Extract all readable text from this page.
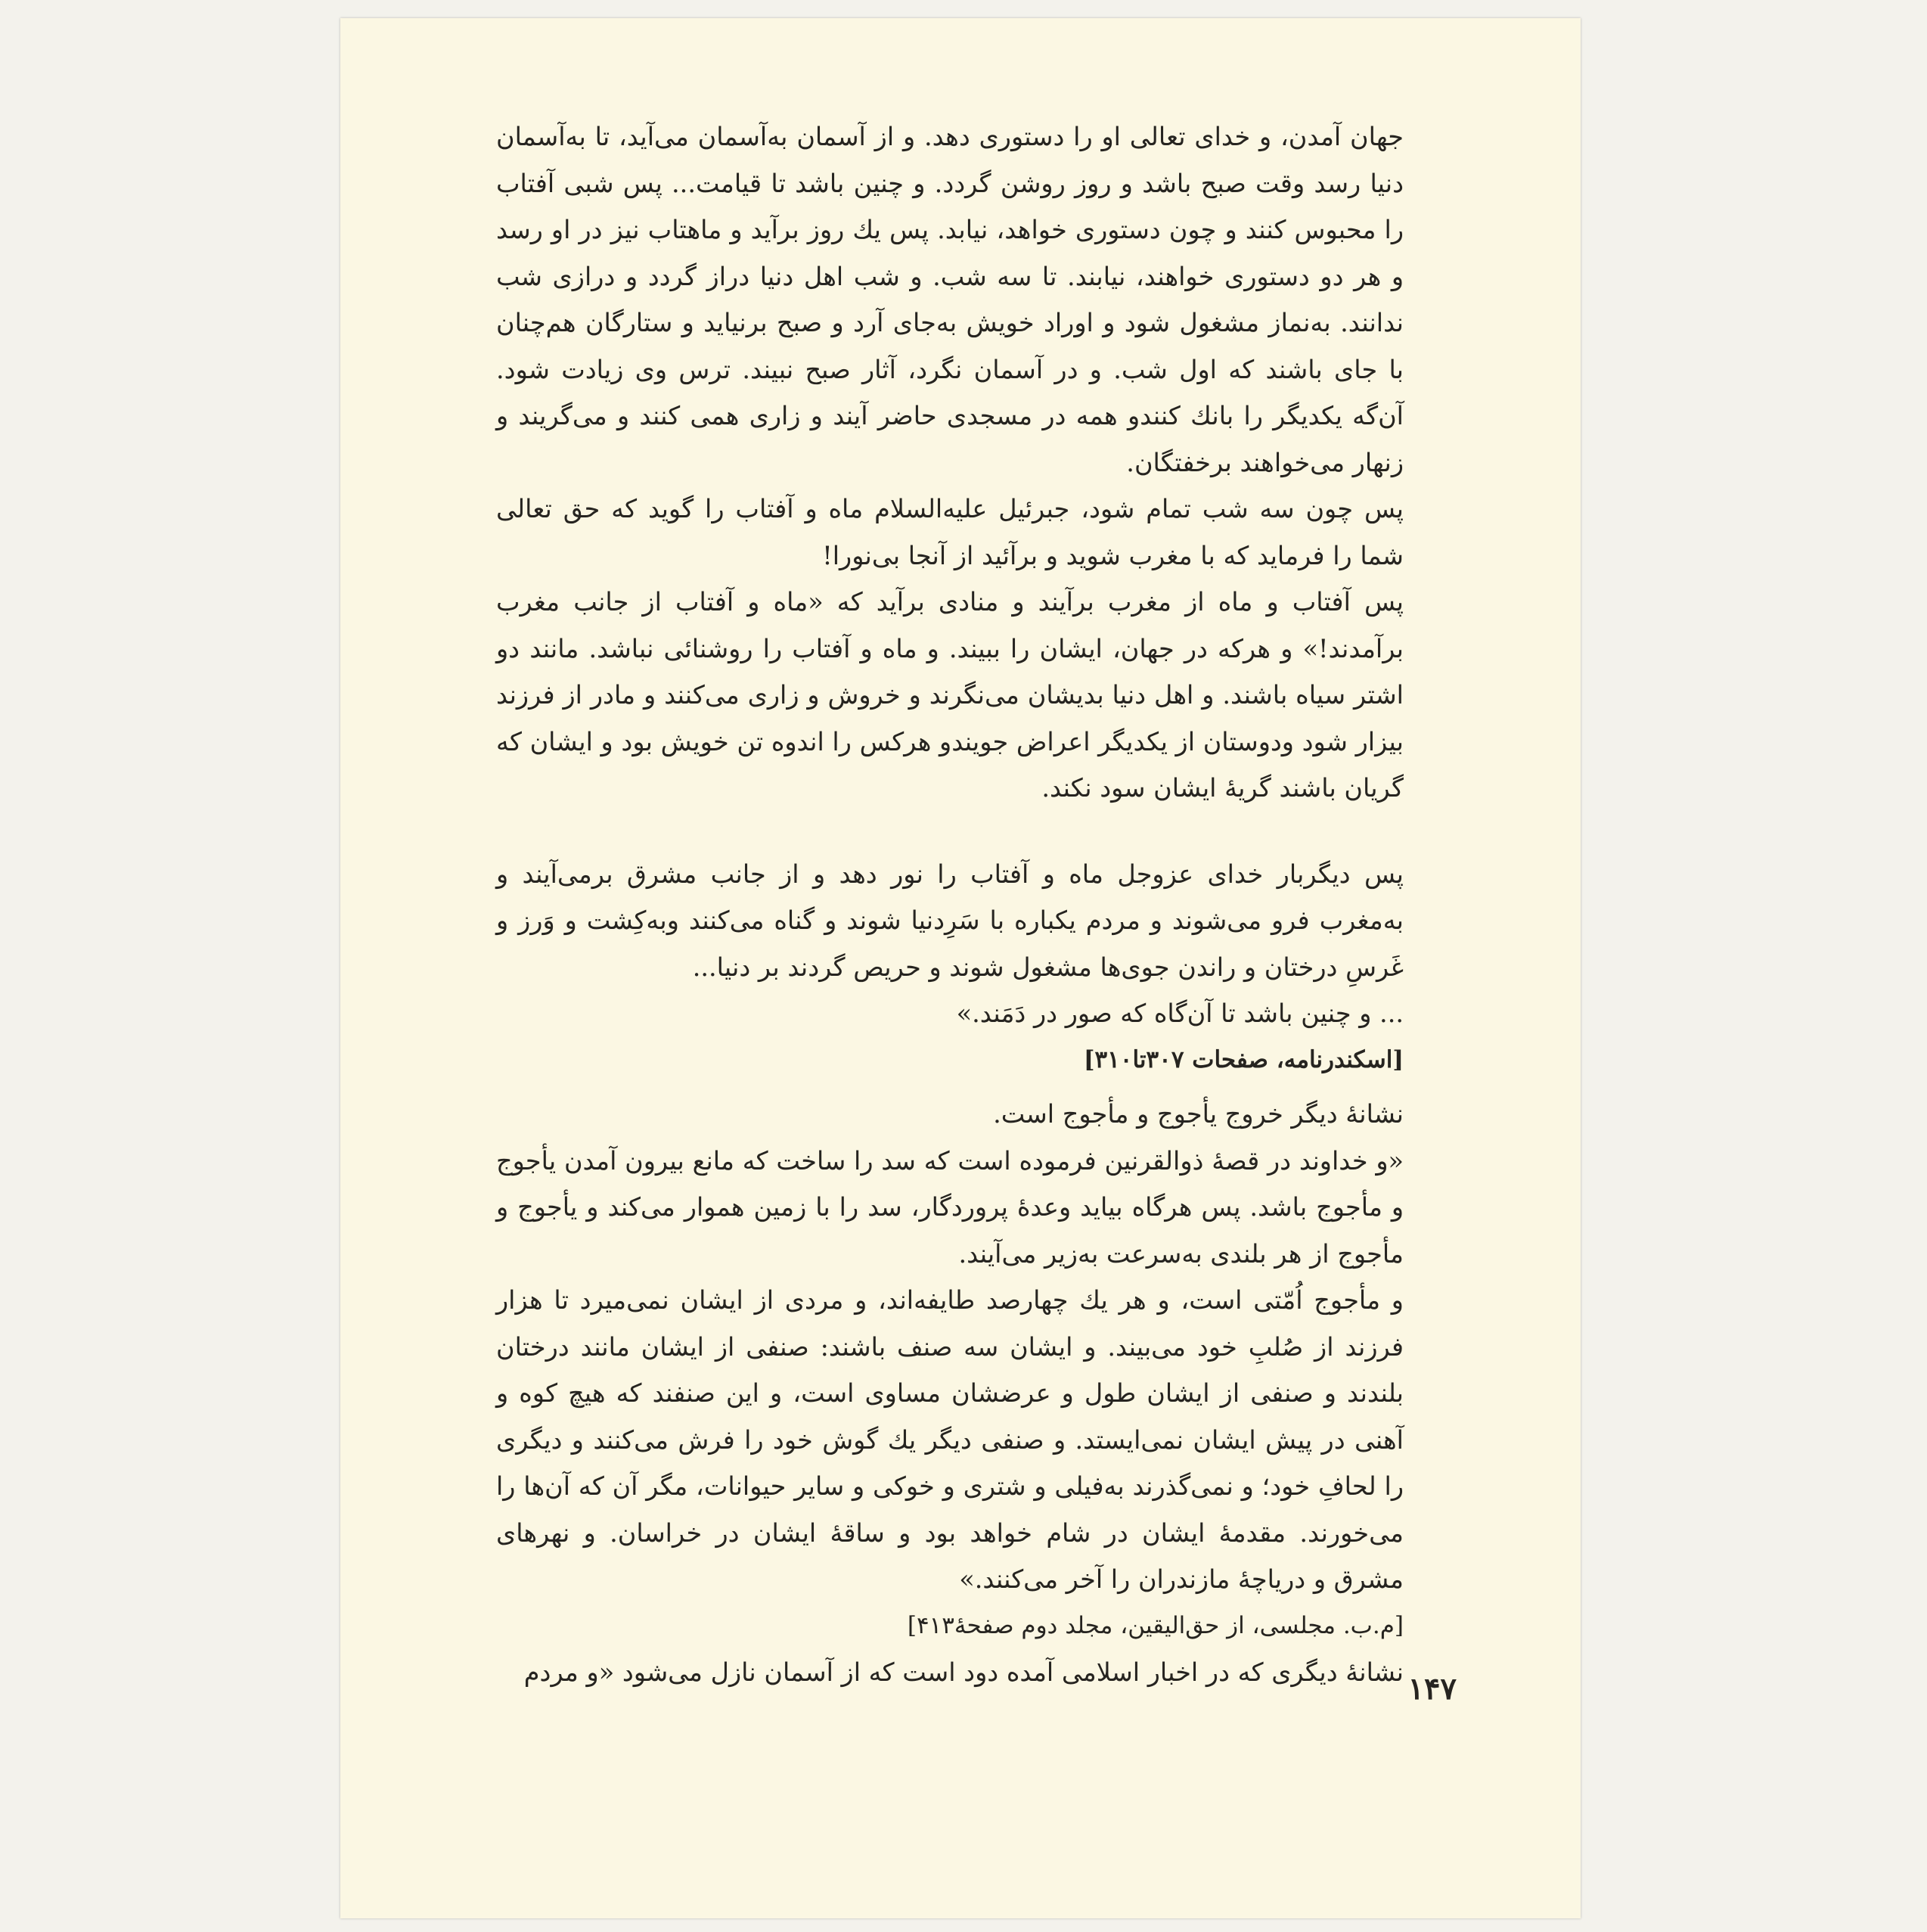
جهان آمدن، و خدای تعالی او را دستوری دهد. و از آسمان به‌آسمان می‌آید، تا به‌آسمان دنیا رسد وقت صبح باشد و روز روشن گردد. و چنین باشد تا قیامت... پس شبی آفتاب را محبوس کنند و چون دستوری خواهد، نیابد. پس یك روز برآید و ماهتاب نیز در او رسد و هر دو دستوری خواهند، نیابند. تا سه شب. و شب اهل دنیا دراز گردد و درازی شب ندانند. به‌نماز مشغول شود و اوراد خویش به‌جای آرد و صبح برنیاید و ستارگان هم‌چنان با جای باشند که اول شب. و در آسمان نگرد، آثار صبح نبیند. ترس وی زیادت شود. آن‌گه یکدیگر را بانك کنندو همه در مسجدی حاضر آیند و زاری همی کنند و می‌گریند و زنهار می‌خواهند برخفتگان.

پس چون سه شب تمام شود، جبرئیل علیه‌السلام ماه و آفتاب را گوید که حق تعالی شما را فرماید که با مغرب شوید و برآئید از آنجا بی‌نورا!

پس آفتاب و ماه از مغرب برآیند و منادی برآید که «ماه و آفتاب از جانب مغرب برآمدند!» و هرکه در جهان، ایشان را ببیند. و ماه و آفتاب را روشنائی نباشد. مانند دو اشتر سیاه باشند. و اهل دنیا بدیشان می‌نگرند و خروش و زاری می‌کنند و مادر از فرزند بیزار شود ودوستان از یکدیگر اعراض جویندو هرکس را اندوه تن خویش بود و ایشان که گریان باشند گریهٔ ایشان سود نکند.

پس دیگربار خدای عزوجل ماه و آفتاب را نور دهد و از جانب مشرق برمی‌آیند و به‌مغرب فرو می‌شوند و مردم یکباره با سَرِدنیا شوند و گناه می‌کنند وبه‌کِشت و وَرز و غَرسِ درختان و راندن جوی‌ها مشغول شوند و حریص گردند بر دنیا...

... و چنین باشد تا آن‌گاه که صور در دَمَند.»

[اسکندرنامه، صفحات ۳۰۷تا۳۱۰]

نشانهٔ دیگر خروج یأجوج و مأجوج است.

«و خداوند در قصهٔ ذوالقرنین فرموده است که سد را ساخت که مانع بیرون آمدن یأجوج و مأجوج باشد. پس هرگاه بیاید وعدهٔ پروردگار، سد را با زمین هموار می‌کند و یأجوج و مأجوج از هر بلندی به‌سرعت به‌زیر می‌آیند.

و مأجوج اُمّتی است، و هر یك چهارصد طایفه‌اند، و مردی از ایشان نمی‌میرد تا هزار فرزند از صُلبِ خود می‌بیند. و ایشان سه صنف باشند: صنفی از ایشان مانند درختان بلندند و صنفی از ایشان طول و عرضشان مساوی است، و این صنفند که هیچ کوه و آهنی در پیش ایشان نمی‌ایستد. و صنفی دیگر یك گوش خود را فرش می‌کنند و دیگری را لحافِ خود؛ و نمی‌گذرند به‌فیلی و شتری و خوکی و سایر حیوانات، مگر آن که آن‌ها را می‌خورند. مقدمهٔ ایشان در شام خواهد بود و ساقهٔ ایشان در خراسان. و نهرهای مشرق و دریاچهٔ مازندران را آخر می‌کنند.»

[م.ب. مجلسی، از حق‌الیقین، مجلد دوم صفحهٔ۴۱۳]

نشانهٔ دیگری که در اخبار اسلامی آمده دود است که از آسمان نازل می‌شود «و مردم ۱۴۷
